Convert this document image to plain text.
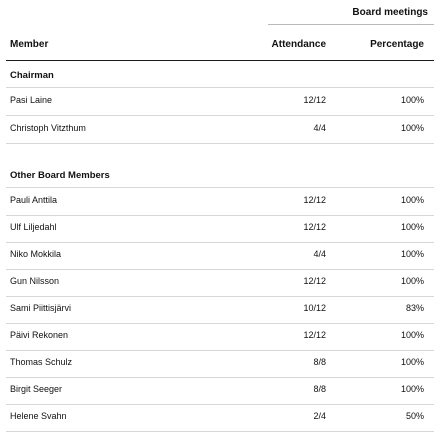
Board meetings
Member	Attendance	Percentage
Chairman
Pasi Laine	12/12	100%
Christoph Vitzthum	4/4	100%
Other Board Members
Pauli Anttila	12/12	100%
Ulf Liljedahl	12/12	100%
Niko Mokkila	4/4	100%
Gun Nilsson	12/12	100%
Sami Piittisjärvi	10/12	83%
Päivi Rekonen	12/12	100%
Thomas Schulz	8/8	100%
Birgit Seeger	8/8	100%
Helene Svahn	2/4	50%
